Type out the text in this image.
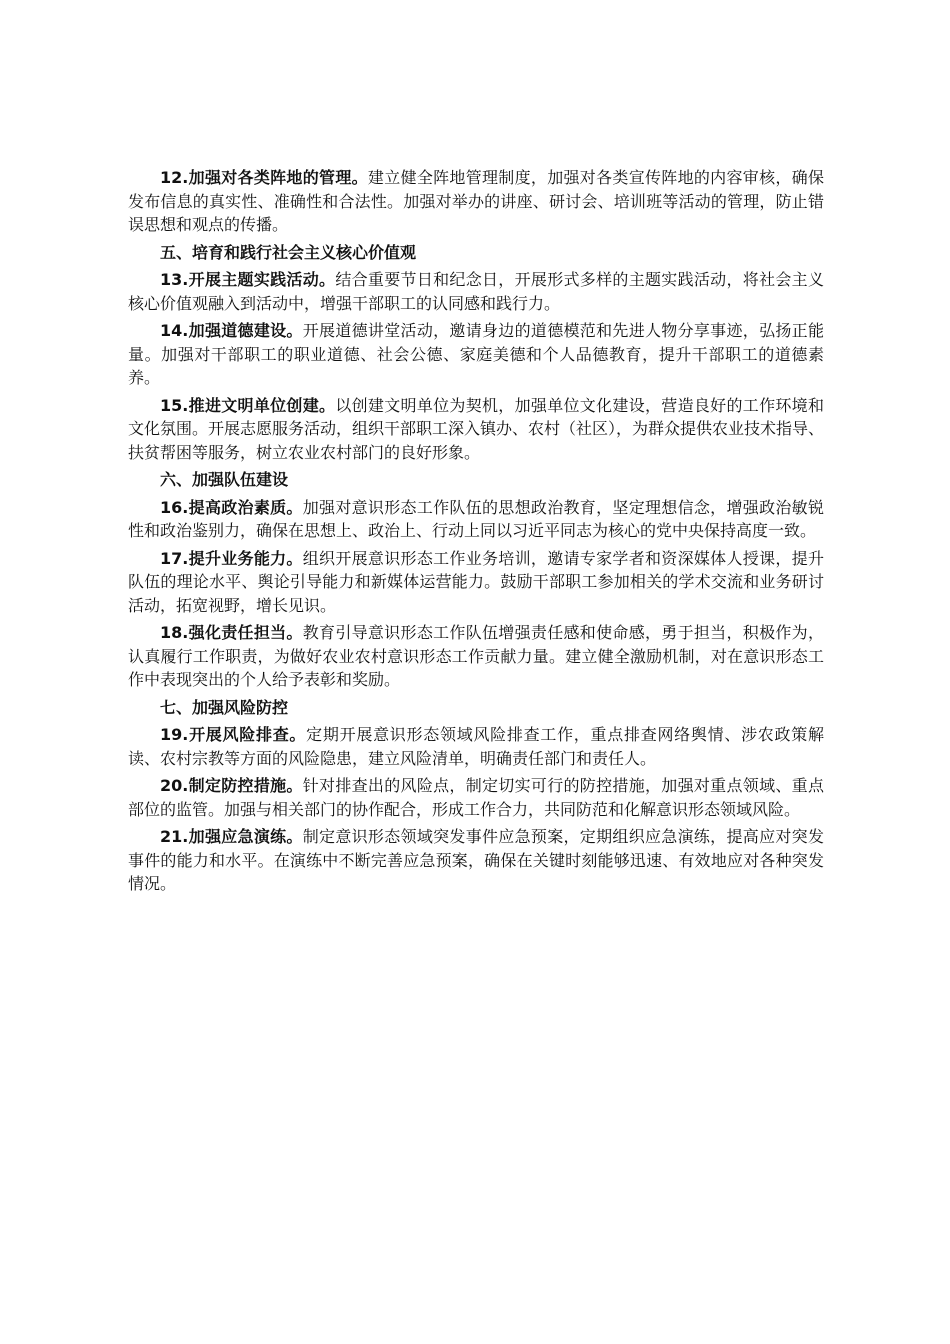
12.加强对各类阵地的管理。建立健全阵地管理制度，加强对各类宣传阵地的内容审核，确保发布信息的真实性、准确性和合法性。加强对举办的讲座、研讨会、培训班等活动的管理，防止错误思想和观点的传播。

五、培育和践行社会主义核心价值观

13.开展主题实践活动。结合重要节日和纪念日，开展形式多样的主题实践活动，将社会主义核心价值观融入到活动中，增强干部职工的认同感和践行力。

14.加强道德建设。开展道德讲堂活动，邀请身边的道德模范和先进人物分享事迹，弘扬正能量。加强对干部职工的职业道德、社会公德、家庭美德和个人品德教育，提升干部职工的道德素养。

15.推进文明单位创建。以创建文明单位为契机，加强单位文化建设，营造良好的工作环境和文化氛围。开展志愿服务活动，组织干部职工深入镇办、农村（社区），为群众提供农业技术指导、扶贫帮困等服务，树立农业农村部门的良好形象。

六、加强队伍建设

16.提高政治素质。加强对意识形态工作队伍的思想政治教育，坚定理想信念，增强政治敏锐性和政治鉴别力，确保在思想上、政治上、行动上同以习近平同志为核心的党中央保持高度一致。

17.提升业务能力。组织开展意识形态工作业务培训，邀请专家学者和资深媒体人授课，提升队伍的理论水平、舆论引导能力和新媒体运营能力。鼓励干部职工参加相关的学术交流和业务研讨活动，拓宽视野，增长见识。

18.强化责任担当。教育引导意识形态工作队伍增强责任感和使命感，勇于担当，积极作为，认真履行工作职责，为做好农业农村意识形态工作贡献力量。建立健全激励机制，对在意识形态工作中表现突出的个人给予表彰和奖励。

七、加强风险防控

19.开展风险排查。定期开展意识形态领域风险排查工作，重点排查网络舆情、涉农政策解读、农村宗教等方面的风险隐患，建立风险清单，明确责任部门和责任人。

20.制定防控措施。针对排查出的风险点，制定切实可行的防控措施，加强对重点领域、重点部位的监管。加强与相关部门的协作配合，形成工作合力，共同防范和化解意识形态领域风险。

21.加强应急演练。制定意识形态领域突发事件应急预案，定期组织应急演练，提高应对突发事件的能力和水平。在演练中不断完善应急预案，确保在关键时刻能够迅速、有效地应对各种突发情况。
